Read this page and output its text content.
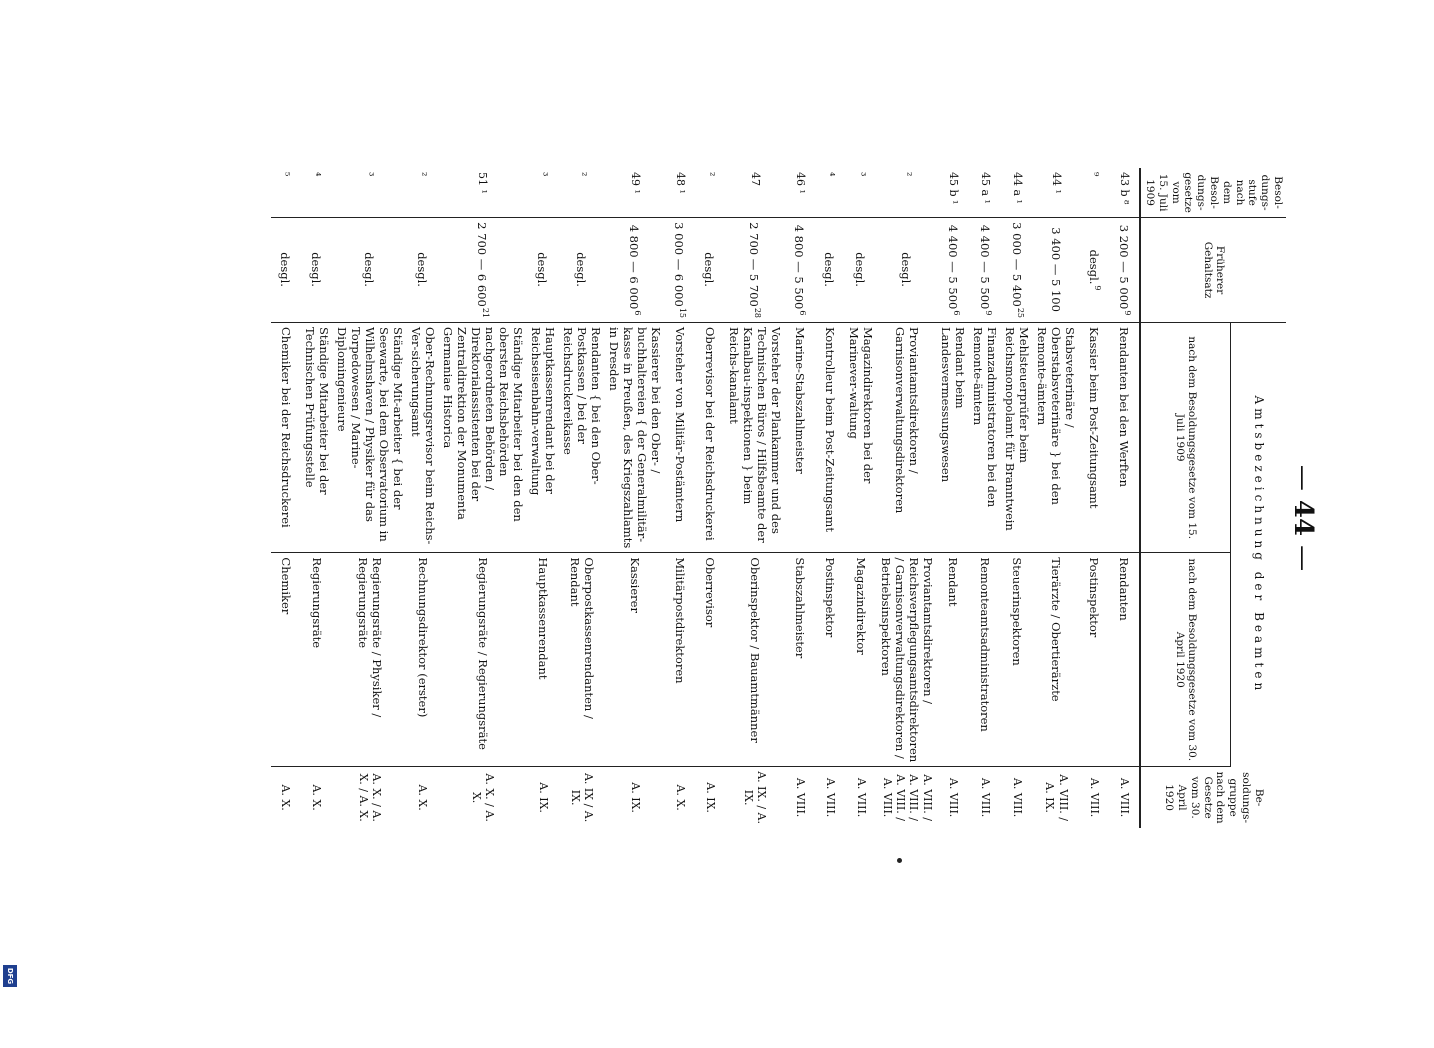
DFG
— 44 —
Besol-dungs-stufe nach dem Besol-dungs-gesetze vom 15. Juli 1909	Früherer Gehaltsatz	Amtsbezeichnung der Beamten		Be-soldungs-gruppe nach dem Gesetze vom 30. April 1920
		nach dem Besoldungsgesetze vom 15. Juli 1909	nach dem Besoldungsgesetze vom 30. April 1920	
43 b ⁸	3 200 — 5 $000^9$	Rendanten bei den Werften	Rendanten	A. VIII.
⁹	desgl.$^9$	Kassier beim Post-Zeitungsamt	Postinspektor	A. VIII.
44 ¹	3 400 — 5 100	Stabsveterinäre / Oberstabsveterinäre } bei den Remonte-ämtern	Tierärzte / Obertierärzte	A. VIII. / A. IX.
44 a ¹	3 000 — 5 $400^{25}$	Mehlsteuerprüfer beim Reichsmonopolamt für Branntwein	Steuerinspektoren	A. VIII.
45 a ¹	4 400 — 5 $500^9$	Finanzadministratoren bei den Remonte-ämtern	Remonteamtsadministratoren	A. VIII.
45 b ¹	4 400 — 5 $500^6$	Rendant beim Landesvermessungswesen	Rendant	A. VIII.
²	desgl.	Proviantamtsdirektoren / Garnisonverwaltungsdirektoren	Proviantamtsdirektoren / Reichsverpflegungsamtsdirektoren / Garnisonverwaltungsdirektoren / Betriebsinspektoren	A. VIII. / A. VIII. / A. VIII. / A. VIII.
³	desgl.	Magazindirektoren bei der Marinever-waltung	Magazindirektor	A. VIII.
⁴	desgl.	Kontrolleur beim Post-Zeitungsamt	Postinspektor	A. VIII.
46 ¹	4 800 — 5 $500^6$	Marine-Stabszahlmeister	Stabszahlmeister	A. VIII.
47	2 700 — 5 $700^{28}$	Vorsteher der Plankammer und des Technischen Büros / Hilfsbeamte der Kanalbau-inspektionen } beim Reichs-kanalamt	Oberinspektor / Bauamtmänner	A. IX. / A. IX.
²	desgl.	Oberrevisor bei der Reichsdruckerei	Oberrevisor	A. IX.
48 ¹	3 000 — 6 $000^{15}$	Vorsteher von Militär-Postämtern	Militärpostdirektoren	A. X.
49 ¹	4 800 — 6 $000^6$	Kassierer bei den Ober- / buchhaltereien { der Generalmilitär-kasse in Preußen, des Kriegszahlamts in Dresden	Kassierer	A. IX.
²	desgl.	Rendanten { bei den Ober-Postkassen / bei der Reichsdruckereikasse	Oberpostkassenrendanten / Rendant	A. IX / A. IX.
³	desgl.	Hauptkassenrendant bei der Reichseisenbahn-verwaltung	Hauptkassenrendant	A. IX.
51 ¹	2 700 — 6 $600^{21}$	Ständige Mitarbeiter bei den den obersten Reichsbehörden nachgeordneten Behörden / Direktorialassistenten bei der Zentraldirektion der Monumenta Germaniae Historica	Regierungsräte / Regierungsräte	A. X. / A. X.
²	desgl.	Ober-Rechnungsrevisor beim Reichs-Ver-sicherungsamt	Rechnungsdirektor (erster)	A. X.
³	desgl.	Ständige Mit-arbeiter { bei der Seewarte, bei dem Observatorium in Wilhelmshaven / Physiker für das Torpedowesen / Marine-Diplomingenieure	Regierungsräte / Physiker / Regierungsräte	A. X. / A. X. / A. X.
⁴	desgl.	Ständige Mitarbeiter bei der Technischen Prüfungsstelle	Regierungsräte	A. X.
⁵	desgl.	Chemiker bei der Reichsdruckerei	Chemiker	A. X.
